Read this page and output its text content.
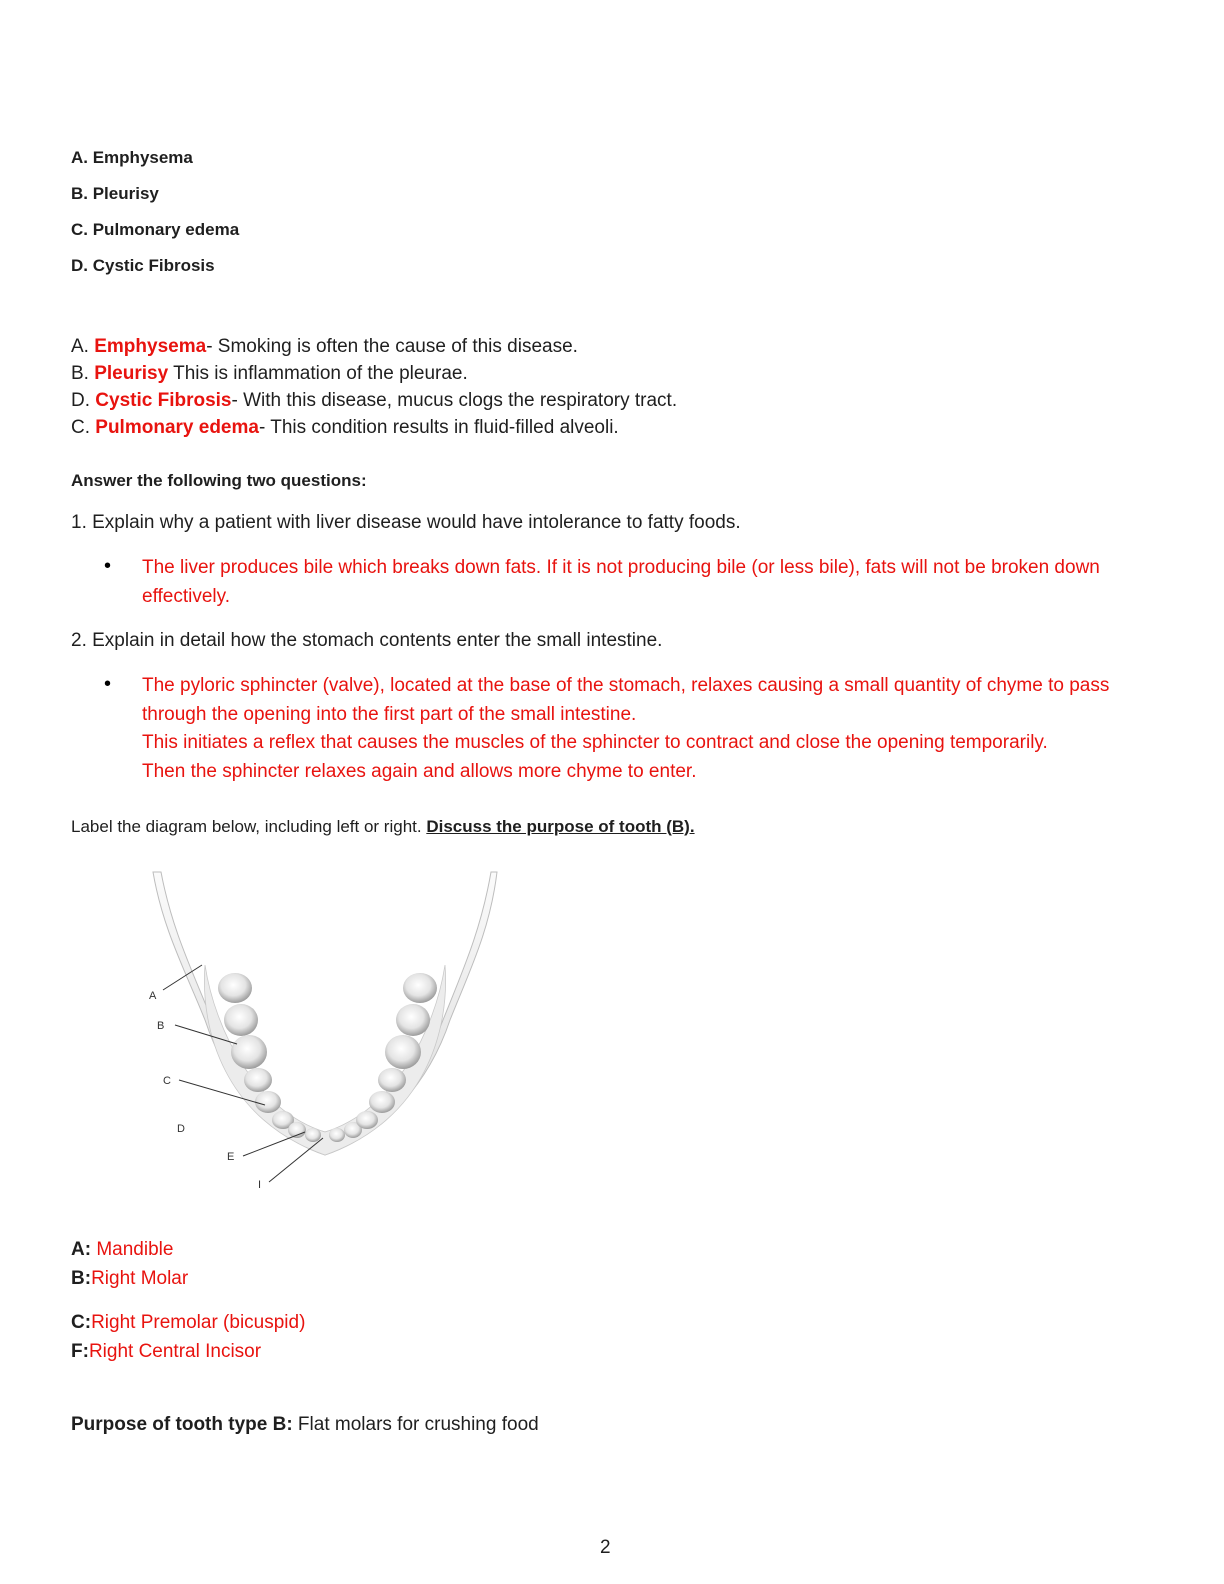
A. Emphysema
B. Pleurisy
C. Pulmonary edema
D. Cystic Fibrosis
A. Emphysema- Smoking is often the cause of this disease.
B. Pleurisy This is inflammation of the pleurae.
D. Cystic Fibrosis- With this disease, mucus clogs the respiratory tract.
C. Pulmonary edema- This condition results in fluid-filled alveoli.
Answer the following two questions:
1. Explain why a patient with liver disease would have intolerance to fatty foods.
•
The liver produces bile which breaks down fats. If it is not producing bile (or less bile), fats will not be broken down effectively.
2. Explain in detail how the stomach contents enter the small intestine.
•
The pyloric sphincter (valve), located at the base of the stomach, relaxes causing a small quantity of chyme to pass through the opening into the first part of the small intestine.
This initiates a reflex that causes the muscles of the sphincter to contract and close the opening temporarily.
Then the sphincter relaxes again and allows more chyme to enter.
Label the diagram below, including left or right. Discuss the purpose of tooth (B).
A
B
C
D
E
I
A: Mandible
B:Right Molar
C:Right Premolar (bicuspid)
F:Right Central Incisor
Purpose of tooth type B: Flat molars for crushing food
2
